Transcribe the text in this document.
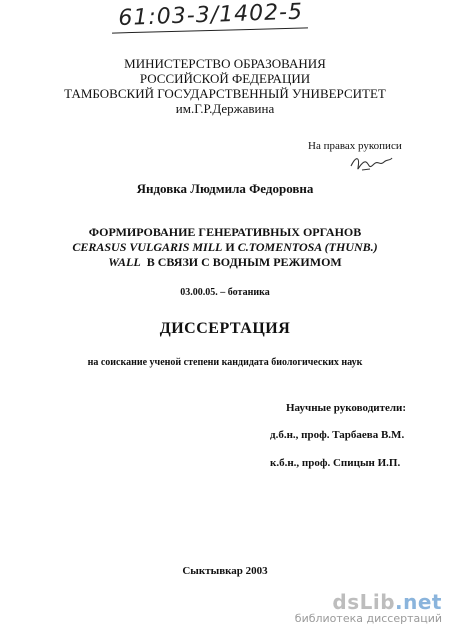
61:03-3/1402-5
МИНИСТЕРСТВО ОБРАЗОВАНИЯ
РОССИЙСКОЙ ФЕДЕРАЦИИ
ТАМБОВСКИЙ ГОСУДАРСТВЕННЫЙ УНИВЕРСИТЕТ
им.Г.Р.Державина
На правах рукописи
Яндовка Людмила Федоровна
ФОРМИРОВАНИЕ ГЕНЕРАТИВНЫХ ОРГАНОВ
CERASUS VULGARIS MILL И C.TOMENTOSA (THUNB.)
WALL  В СВЯЗИ С ВОДНЫМ РЕЖИМОМ
03.00.05. – ботаника
ДИССЕРТАЦИЯ
на соискание ученой степени кандидата биологических наук
Научные руководители:
д.б.н., проф. Тарбаева В.М.
к.б.н., проф. Спицын И.П.
Сыктывкар 2003
dsLib.net
библиотека диссертаций
